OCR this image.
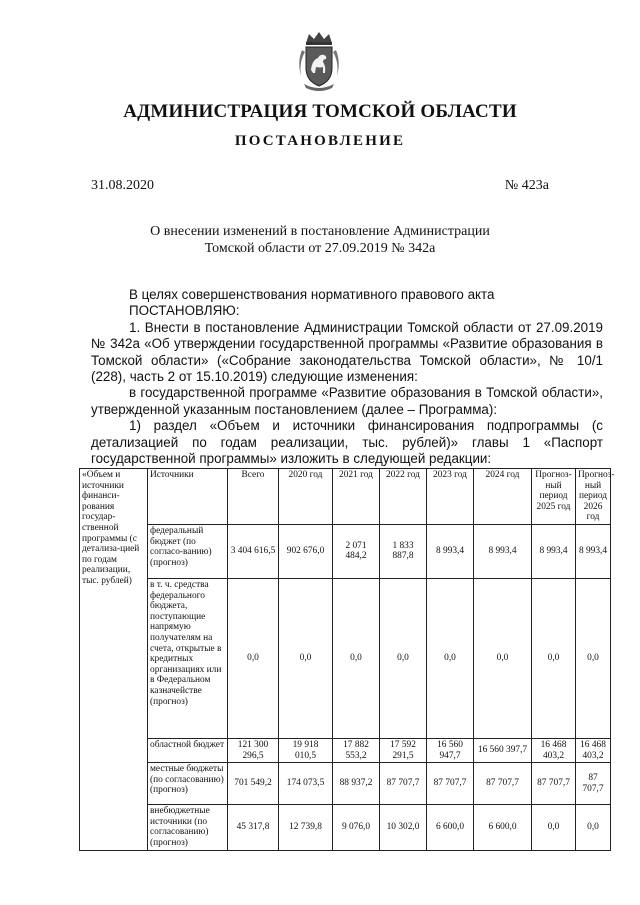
АДМИНИСТРАЦИЯ ТОМСКОЙ ОБЛАСТИ
ПОСТАНОВЛЕНИЕ
31.08.2020	№ 423а
О внесении изменений в постановление Администрации
Томской области от 27.09.2019 № 342а

В целях совершенствования нормативного правового акта

ПОСТАНОВЛЯЮ:

1. Внести в постановление Администрации Томской области от 27.09.2019 № 342а «Об утверждении государственной программы «Развитие образования в Томской области» («Собрание законодательства Томской области», № 10/1 (228), часть 2 от 15.10.2019) следующие изменения:

в государственной программе «Развитие образования в Томской области», утвержденной указанным постановлением (далее – Программа):

1) раздел «Объем и источники финансирования подпрограммы (с детализацией по годам реализации, тыс. рублей)» главы 1 «Паспорт государственной программы» изложить в следующей редакции:

«Объем и источники финанси-рования государ-ственной программы (с детализа-цией по годам реализации, тыс. рублей)	Источники	Всего	2020 год	2021 год	2022 год	2023 год	2024 год	Прогноз-ный период 2025 год	Прогноз-ный период 2026 год
	федеральный бюджет (по согласо-ванию) (прогноз)	3 404 616,5	902 676,0	2 071 484,2	1 833 887,8	8 993,4	8 993,4	8 993,4	8 993,4
	в т. ч. средства федерального бюджета, поступающие напрямую получателям на счета, открытые в кредитных организациях или в Федеральном казначействе (прогноз)	0,0	0,0	0,0	0,0	0,0	0,0	0,0	0,0
	областной бюджет	121 300 296,5	19 918 010,5	17 882 553,2	17 592 291,5	16 560 947,7	16 560 397,7	16 468 403,2	16 468 403,2
	местные бюджеты (по согласованию) (прогноз)	701 549,2	174 073,5	88 937,2	87 707,7	87 707,7	87 707,7	87 707,7	87 707,7
	внебюджетные источники (по согласованию) (прогноз)	45 317,8	12 739,8	9 076,0	10 302,0	6 600,0	6 600,0	0,0	0,0
